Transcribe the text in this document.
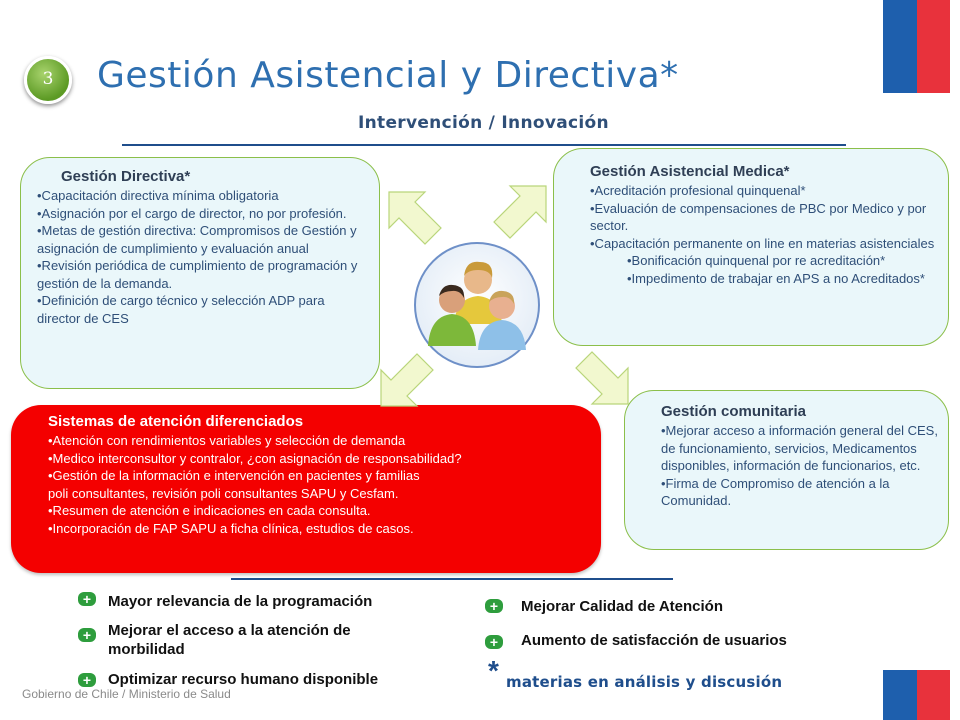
3	Gestión Asistencial y Directiva*
Intervención / Innovación
Gestión Directiva*
•Capacitación directiva mínima obligatoria
•Asignación por el cargo de director, no por profesión.
•Metas de gestión directiva: Compromisos de Gestión y asignación de cumplimiento y evaluación anual
•Revisión periódica de cumplimiento de programación y gestión de la demanda.
•Definición de cargo técnico y selección ADP para director de CES
Gestión Asistencial Medica*
•Acreditación profesional quinquenal*
•Evaluación de compensaciones de PBC por Medico y por sector.
•Capacitación permanente on line en materias asistenciales
•Bonificación quinquenal por re acreditación*
•Impedimento de trabajar en APS a no Acreditados*
Sistemas de atención diferenciados
•Atención con rendimientos variables y selección de demanda
•Medico interconsultor y contralor, ¿con asignación de responsabilidad?
•Gestión de la información e intervención en pacientes y familias
poli consultantes, revisión poli consultantes SAPU y Cesfam.
•Resumen de atención e indicaciones en cada consulta.
•Incorporación de FAP SAPU a ficha clínica, estudios de casos.
Gestión comunitaria
•Mejorar acceso a información general del CES, de funcionamiento, servicios, Medicamentos disponibles, información de funcionarios, etc.
•Firma de Compromiso de atención a la Comunidad.
+	Mayor relevancia de la programación
+	Mejorar el acceso a la atención de morbilidad
+	Optimizar recurso humano disponible
+	Mejorar Calidad de Atención
+	Aumento de satisfacción de usuarios
* materias en análisis y discusión
Gobierno de Chile / Ministerio de Salud
